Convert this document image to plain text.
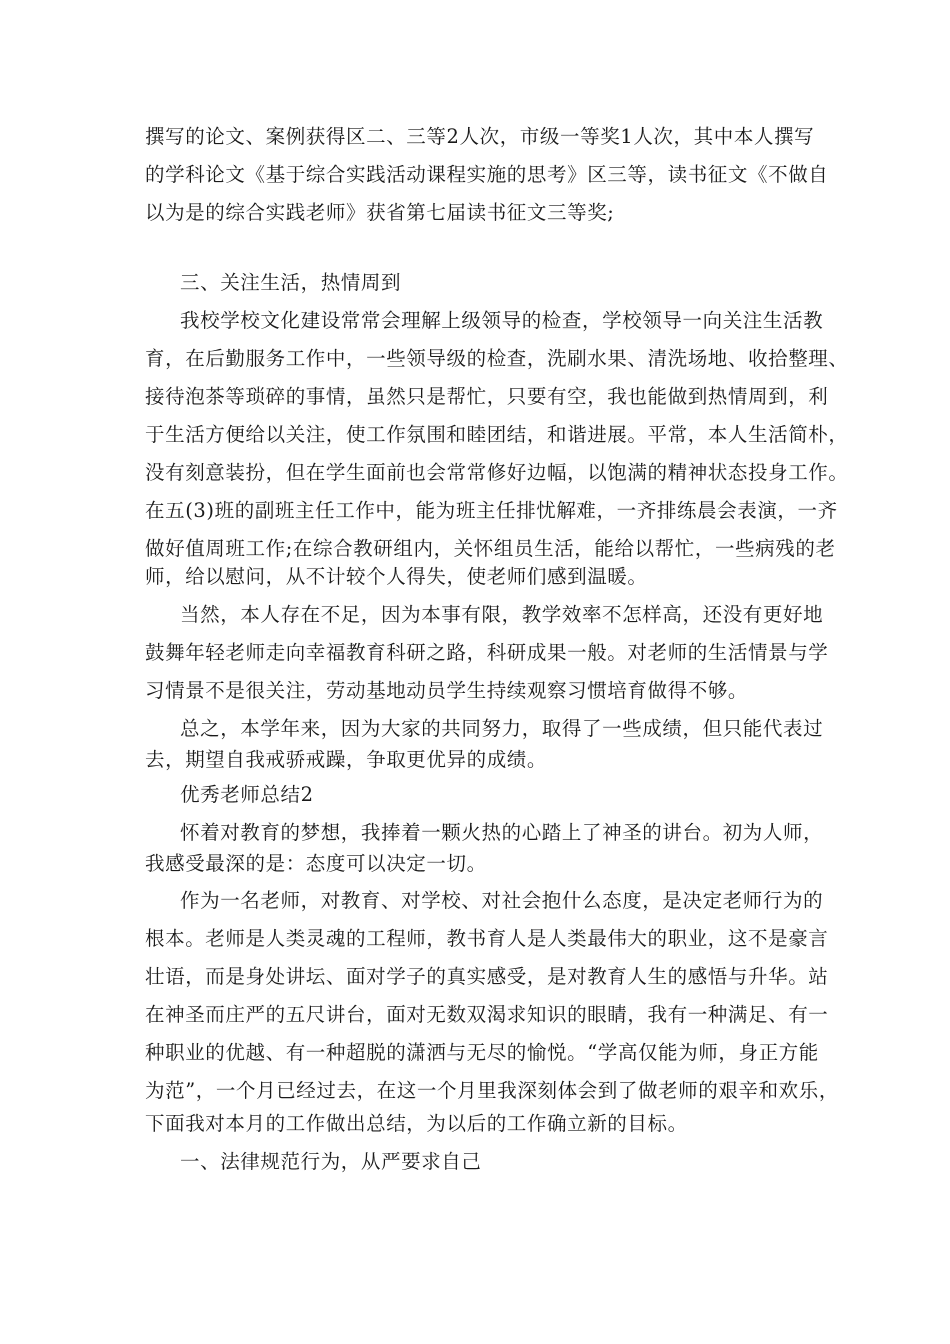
撰写的论文、案例获得区二、三等2人次，市级一等奖1人次，其中本人撰写
的学科论文《基于综合实践活动课程实施的思考》区三等，读书征文《不做自
以为是的综合实践老师》获省第七届读书征文三等奖;
三、关注生活，热情周到
我校学校文化建设常常会理解上级领导的检查，学校领导一向关注生活教
育，在后勤服务工作中，一些领导级的检查，洗刷水果、清洗场地、收拾整理、
接待泡茶等琐碎的事情，虽然只是帮忙，只要有空，我也能做到热情周到，利
于生活方便给以关注，使工作氛围和睦团结，和谐进展。平常，本人生活简朴，
没有刻意装扮，但在学生面前也会常常修好边幅，以饱满的精神状态投身工作。
在五(3)班的副班主任工作中，能为班主任排忧解难，一齐排练晨会表演，一齐
做好值周班工作;在综合教研组内，关怀组员生活，能给以帮忙，一些病残的老
师，给以慰问，从不计较个人得失，使老师们感到温暖。
当然，本人存在不足，因为本事有限，教学效率不怎样高，还没有更好地
鼓舞年轻老师走向幸福教育科研之路，科研成果一般。对老师的生活情景与学
习情景不是很关注，劳动基地动员学生持续观察习惯培育做得不够。
总之，本学年来，因为大家的共同努力，取得了一些成绩，但只能代表过
去，期望自我戒骄戒躁，争取更优异的成绩。
优秀老师总结2
怀着对教育的梦想，我捧着一颗火热的心踏上了神圣的讲台。初为人师，
我感受最深的是：态度可以决定一切。
作为一名老师，对教育、对学校、对社会抱什么态度，是决定老师行为的
根本。老师是人类灵魂的工程师，教书育人是人类最伟大的职业，这不是豪言
壮语，而是身处讲坛、面对学子的真实感受，是对教育人生的感悟与升华。站
在神圣而庄严的五尺讲台，面对无数双渴求知识的眼睛，我有一种满足、有一
种职业的优越、有一种超脱的潇洒与无尽的愉悦。“学高仅能为师，身正方能
为范”，一个月已经过去，在这一个月里我深刻体会到了做老师的艰辛和欢乐，
下面我对本月的工作做出总结，为以后的工作确立新的目标。
一、法律规范行为，从严要求自己
